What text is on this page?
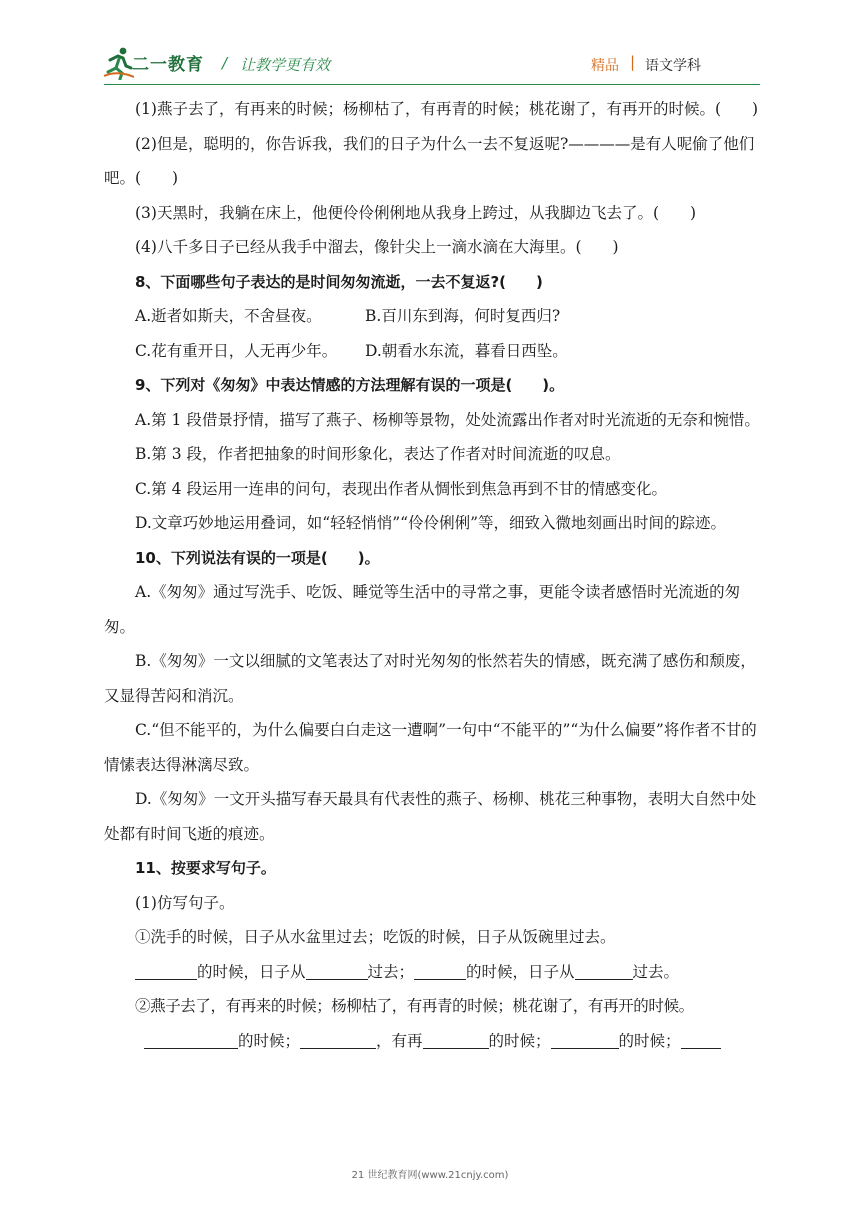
二一教育 / 让教学更有效	精品 | 语文学科

(1)燕子去了，有再来的时候；杨柳枯了，有再青的时候；桃花谢了，有再开的时候。(　　)

(2)但是，聪明的，你告诉我，我们的日子为什么一去不复返呢?————是有人呢偷了他们吧。(　　)

(3)天黑时，我躺在床上，他便伶伶俐俐地从我身上跨过，从我脚边飞去了。(　　)

(4)八千多日子已经从我手中溜去，像针尖上一滴水滴在大海里。(　　)

8、下面哪些句子表达的是时间匆匆流逝，一去不复返?(　　)

A.逝者如斯夫，不舍昼夜。	B.百川东到海，何时复西归?
C.花有重开日，人无再少年。	D.朝看水东流，暮看日西坠。

9、下列对《匆匆》中表达情感的方法理解有误的一项是(　　)。

A.第 1 段借景抒情，描写了燕子、杨柳等景物，处处流露出作者对时光流逝的无奈和惋惜。

B.第 3 段，作者把抽象的时间形象化，表达了作者对时间流逝的叹息。

C.第 4 段运用一连串的问句，表现出作者从惆怅到焦急再到不甘的情感变化。

D.文章巧妙地运用叠词，如“轻轻悄悄”“伶伶俐俐”等，细致入微地刻画出时间的踪迹。

10、下列说法有误的一项是(　　)。

A.《匆匆》通过写洗手、吃饭、睡觉等生活中的寻常之事，更能令读者感悟时光流逝的匆匆。

B.《匆匆》一文以细腻的文笔表达了对时光匆匆的怅然若失的情感，既充满了感伤和颓废，又显得苦闷和消沉。

C.“但不能平的，为什么偏要白白走这一遭啊”一句中“不能平的”“为什么偏要”将作者不甘的情愫表达得淋漓尽致。

D.《匆匆》一文开头描写春天最具有代表性的燕子、杨柳、桃花三种事物，表明大自然中处处都有时间飞逝的痕迹。

11、按要求写句子。

(1)仿写句子。

①洗手的时候，日子从水盆里过去；吃饭的时候，日子从饭碗里过去。

的时候，日子从	过去；	的时候，日子从	过去。

②燕子去了，有再来的时候；杨柳枯了，有再青的时候；桃花谢了，有再开的时候。

的时候；	，有再	的时候；	的时候；

21 世纪教育网(www.21cnjy.com)
